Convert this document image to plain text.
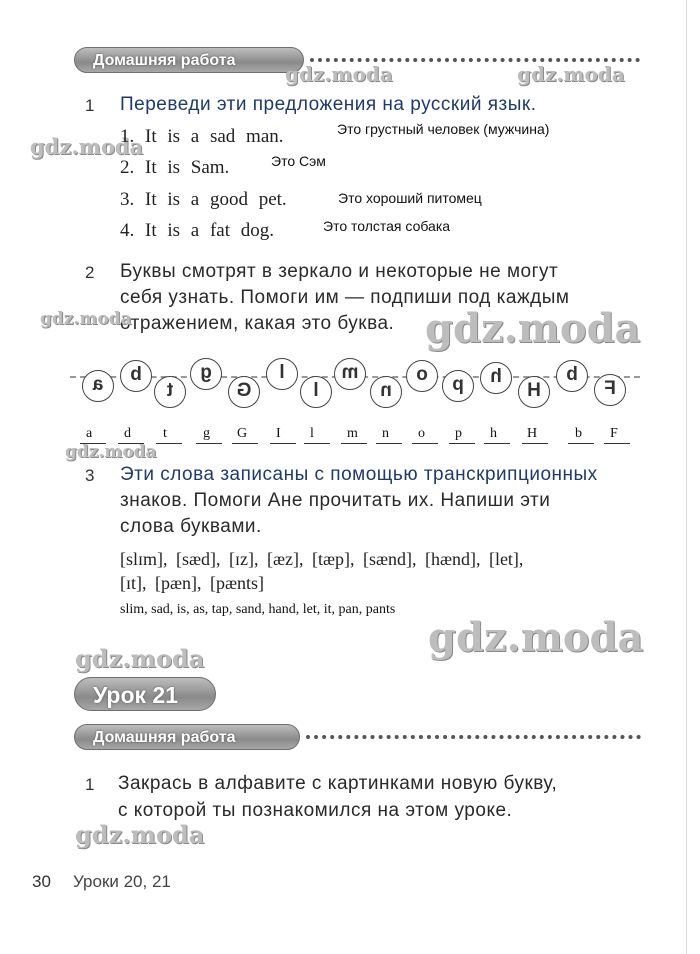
Домашняя работа
gdz.moda	gdz.moda
1 Переведи эти предложения на русский язык.
gdz.moda
1. It is a sad man.	Это грустный человек (мужчина)
2. It is Sam.	Это Сэм
3. It is a good pet.	Это хороший питомец
4. It is a fat dog.	Это толстая собака
2 Буквы смотрят в зеркало и некоторые не могут
себя узнать. Помоги им — подпиши под каждым
отражением, какая это буква.
gdz.moda	gdz.moda
a	b
t
g
G
l
l
m
n
o	p	h
H
b
F
a d t	g G I l m n o p h H	b F
gdz.moda
3 Эти слова записаны с помощью транскрипционных
знаков. Помоги Ане прочитать их. Напиши эти
слова буквами.
[slɪm], [sæd], [ɪz], [æz], [tæp], [sænd], [hænd], [let],
[ɪt], [pæn], [pænts]
slim, sad, is, as, tap, sand, hand, let, it, pan, pants
gdz.moda
gdz.moda
Урок 21
Домашняя работа
1 Закрась в алфавите с картинками новую букву,
с которой ты познакомился на этом уроке.
gdz.moda
30 Уроки 20, 21
